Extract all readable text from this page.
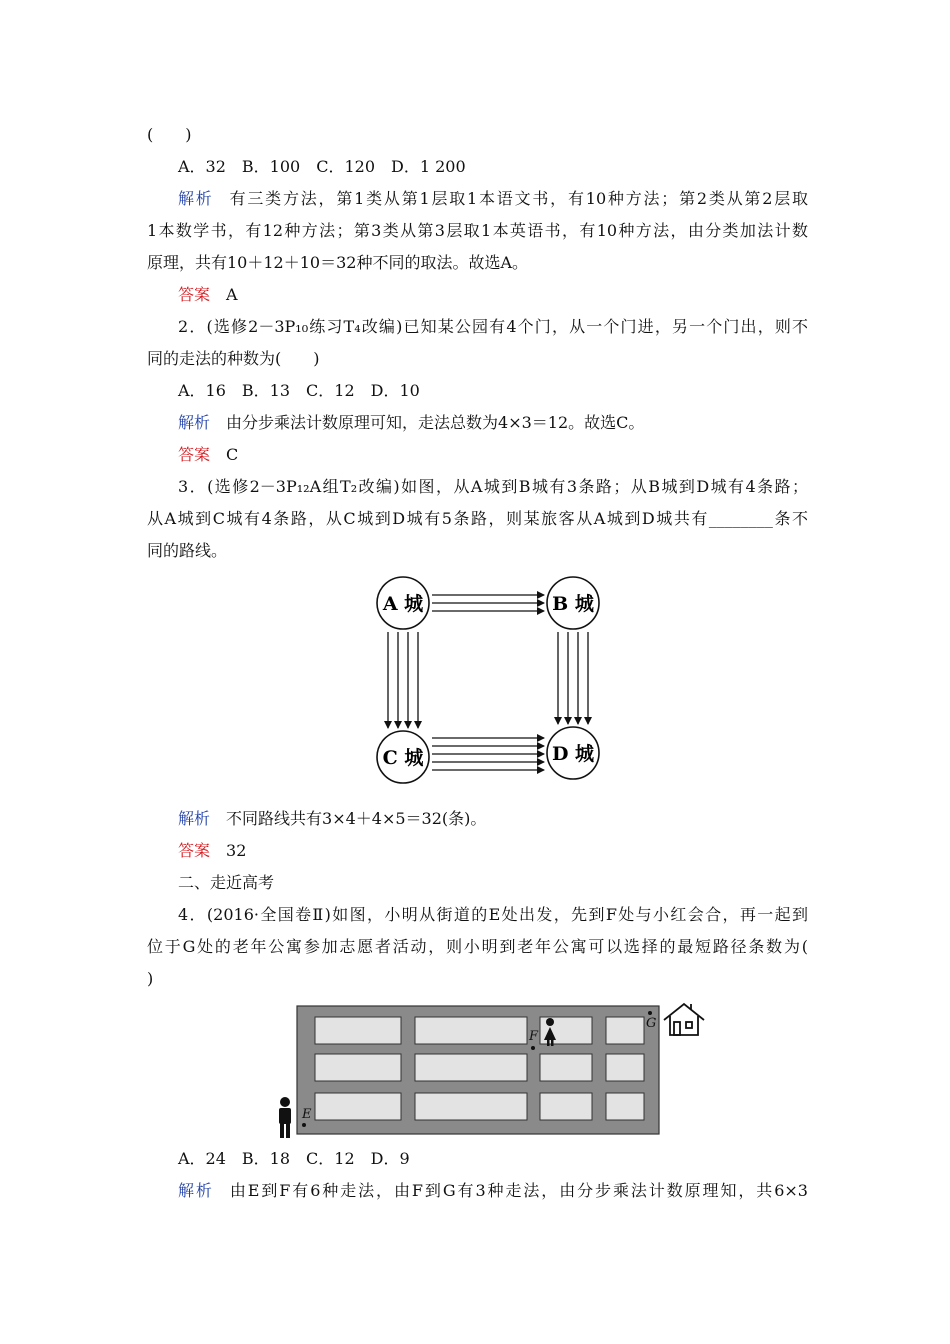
(　　)
A．32　B．100　C．120　D．1 200
解析 有三类方法，第1类从第1层取1本语文书，有10种方法；第2类从第2层取
1本数学书，有12种方法；第3类从第3层取1本英语书，有10种方法，由分类加法计数
原理，共有10＋12＋10＝32种不同的取法。故选A。
答案 A
2．(选修2－3P₁₀练习T₄改编)已知某公园有4个门，从一个门进，另一个门出，则不
同的走法的种数为(　　)
A．16　B．13　C．12　D．10
解析 由分步乘法计数原理可知，走法总数为4×3＝12。故选C。
答案 C
3．(选修2－3P₁₂A组T₂改编)如图，从A城到B城有3条路；从B城到D城有4条路；
从A城到C城有4条路，从C城到D城有5条路，则某旅客从A城到D城共有________条不
同的路线。
A 城	B 城
C 城	D 城
解析 不同路线共有3×4＋4×5＝32(条)。
答案 32
二、走近高考
4．(2016·全国卷Ⅱ)如图，小明从街道的E处出发，先到F处与小红会合，再一起到
位于G处的老年公寓参加志愿者活动，则小明到老年公寓可以选择的最短路径条数为(
)
E
F
G
A．24　B．18　C．12　D．9
解析 由E到F有6种走法，由F到G有3种走法，由分步乘法计数原理知，共6×3
